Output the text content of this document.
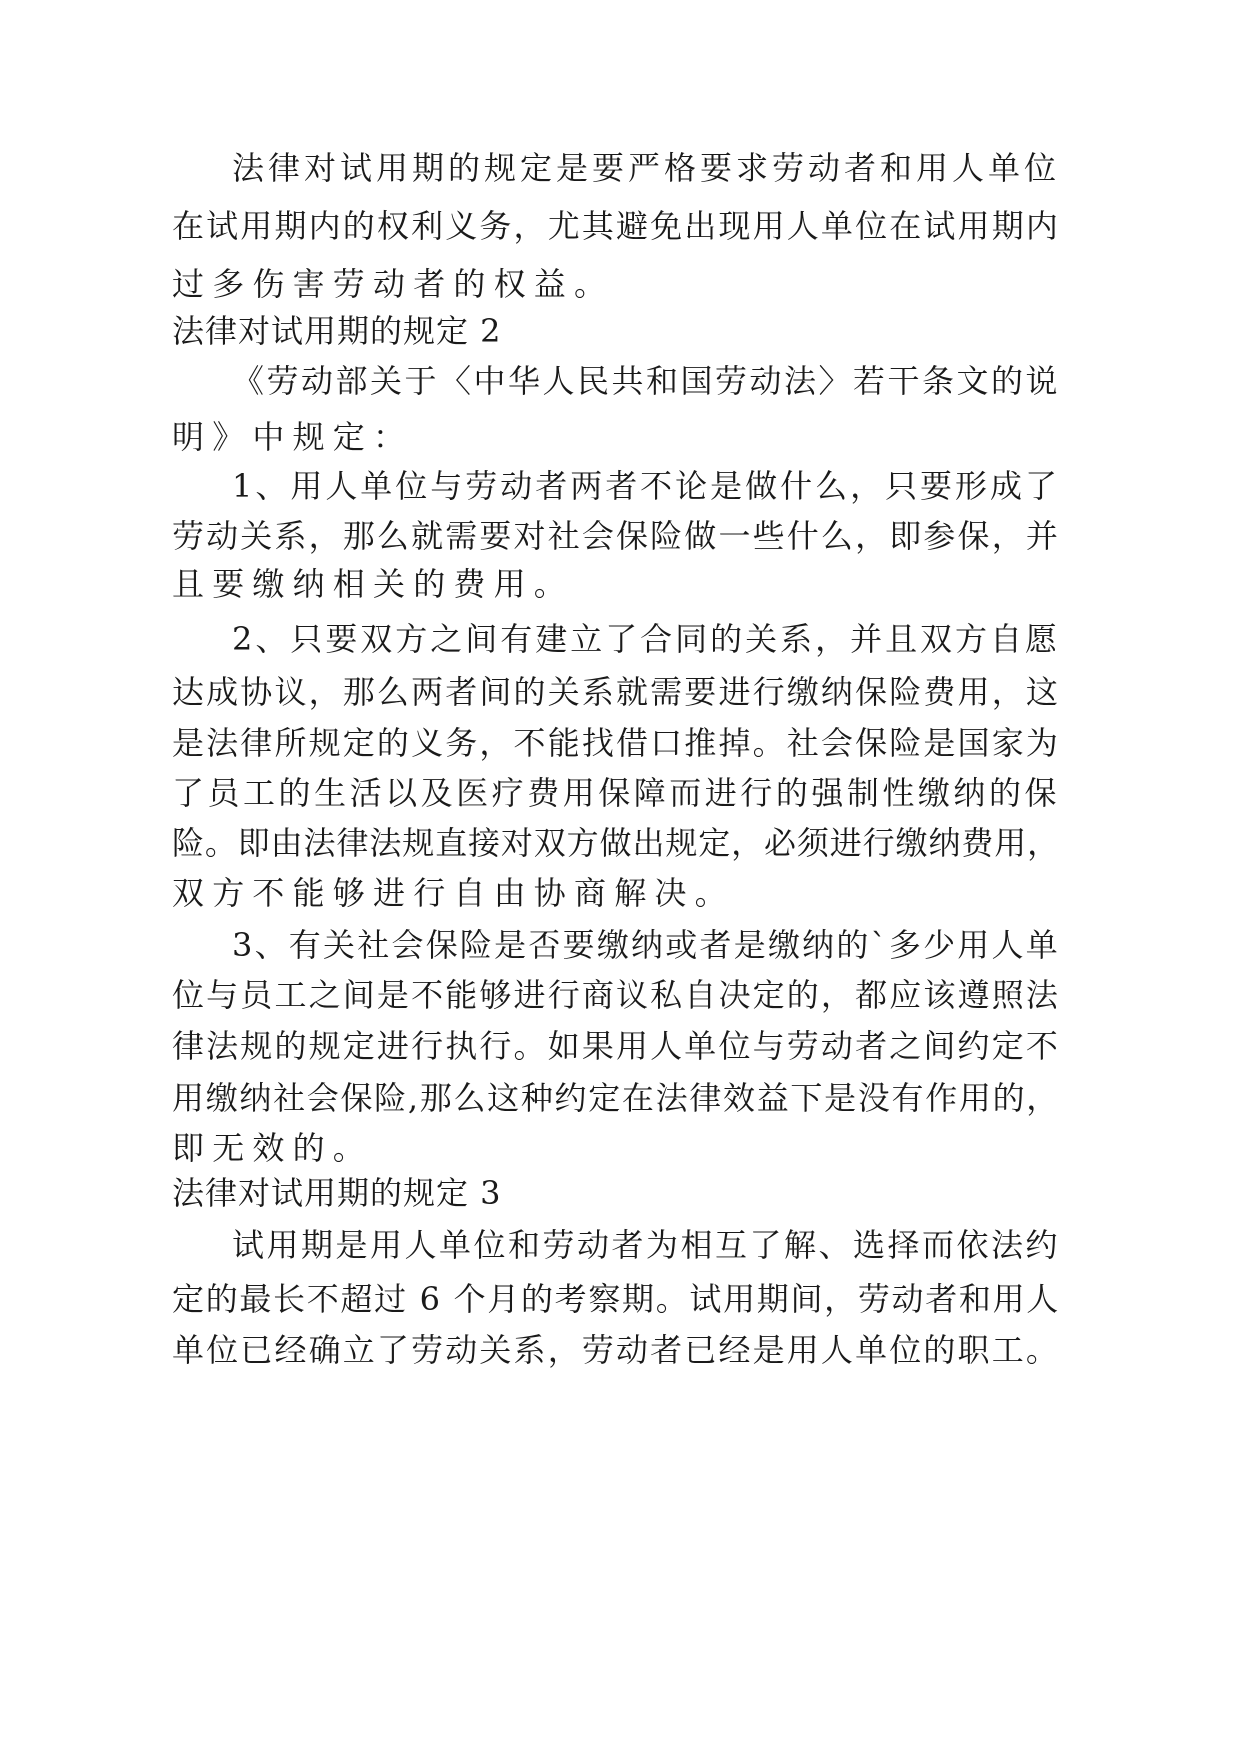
法律对试用期的规定是要严格要求劳动者和用人单位
在试用期内的权利义务，尤其避免出现用人单位在试用期内
过多伤害劳动者的权益。
法律对试用期的规定 2
《劳动部关于〈中华人民共和国劳动法〉若干条文的说
明》中规定：
1、用人单位与劳动者两者不论是做什么，只要形成了
劳动关系，那么就需要对社会保险做一些什么，即参保，并
且要缴纳相关的费用。
2、只要双方之间有建立了合同的关系，并且双方自愿
达成协议，那么两者间的关系就需要进行缴纳保险费用，这
是法律所规定的义务，不能找借口推掉。社会保险是国家为
了员工的生活以及医疗费用保障而进行的强制性缴纳的保
险。即由法律法规直接对双方做出规定，必须进行缴纳费用，
双方不能够进行自由协商解决。
3、有关社会保险是否要缴纳或者是缴纳的`多少用人单
位与员工之间是不能够进行商议私自决定的，都应该遵照法
律法规的规定进行执行。如果用人单位与劳动者之间约定不
用缴纳社会保险,那么这种约定在法律效益下是没有作用的，
即无效的。
法律对试用期的规定 3
试用期是用人单位和劳动者为相互了解、选择而依法约
定的最长不超过 6 个月的考察期。试用期间，劳动者和用人
单位已经确立了劳动关系，劳动者已经是用人单位的职工。
